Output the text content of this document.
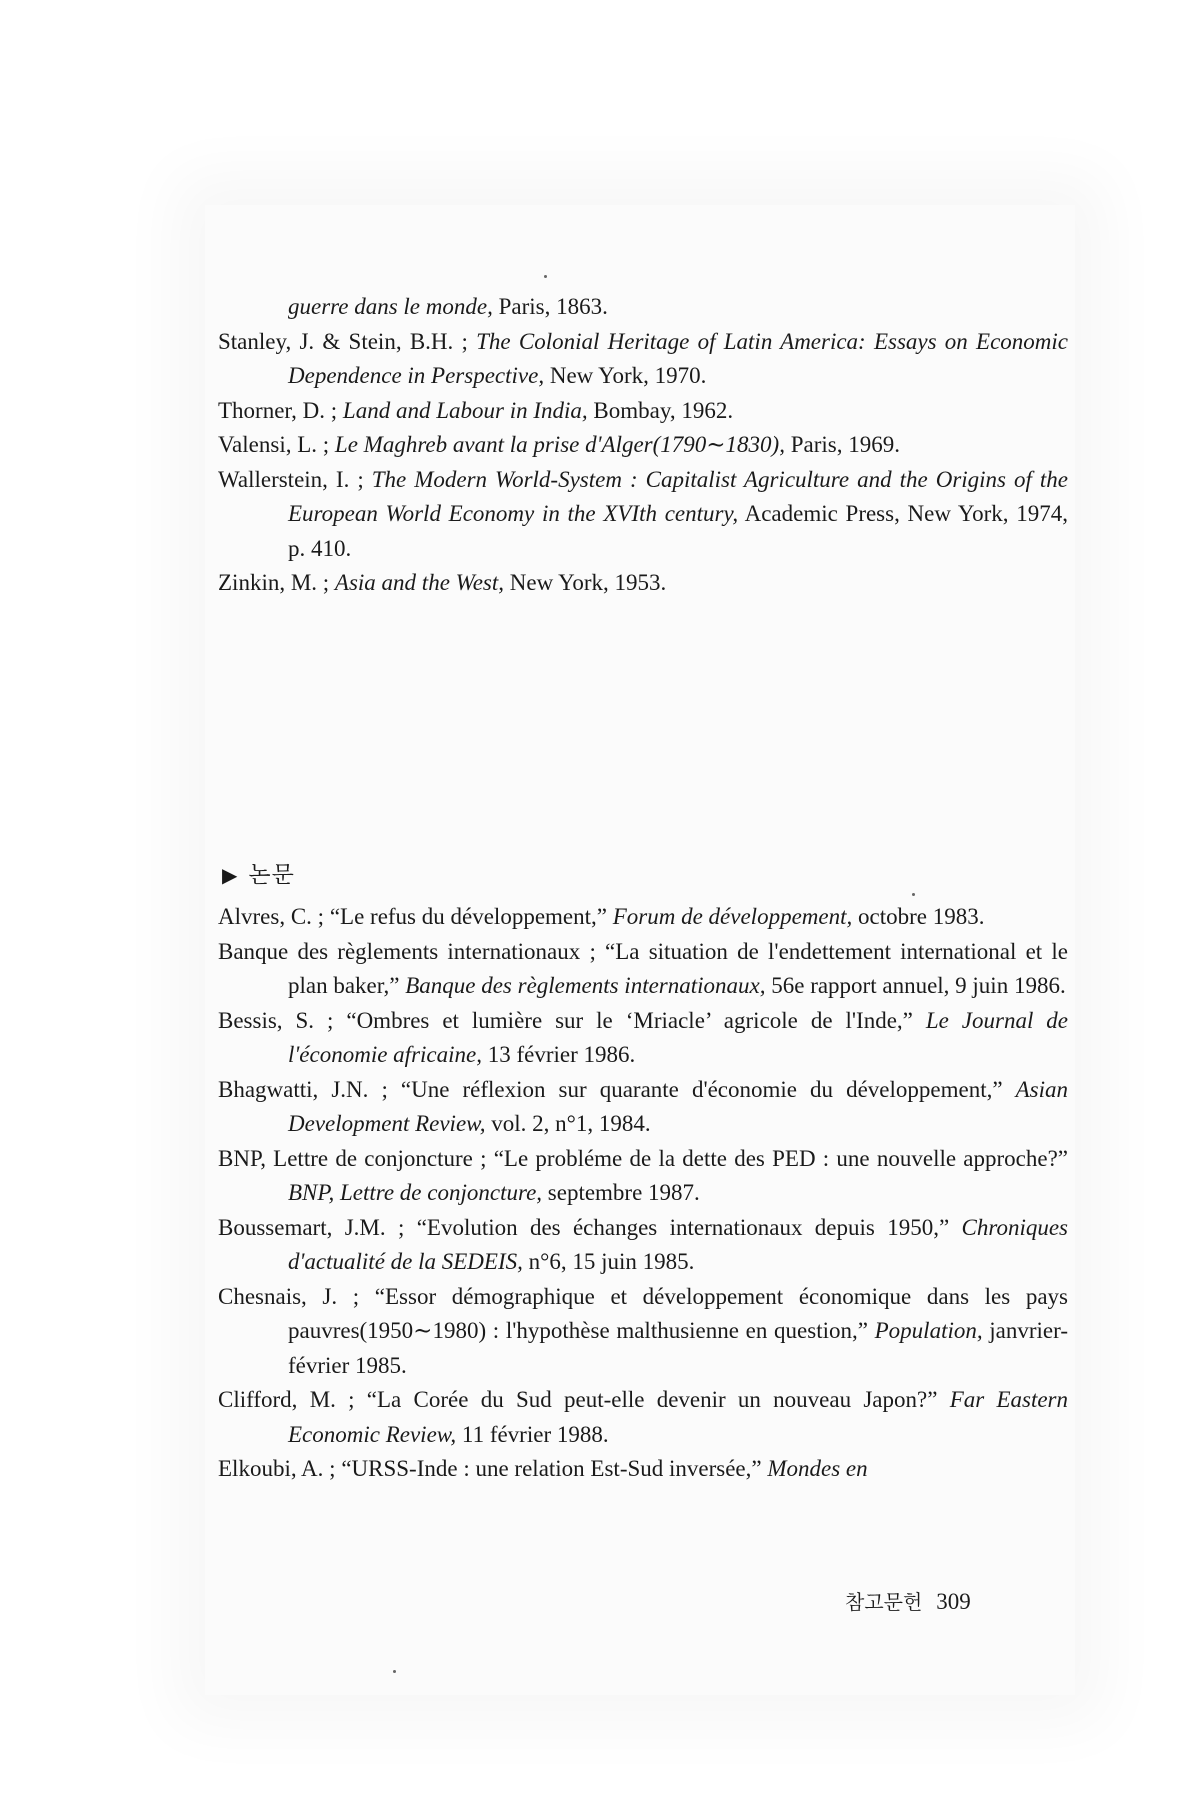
guerre dans le monde, Paris, 1863.

Stanley, J. & Stein, B.H. ; The Colonial Heritage of Latin America: Essays on Economic Dependence in Perspective, New York, 1970.

Thorner, D. ; Land and Labour in India, Bombay, 1962.

Valensi, L. ; Le Maghreb avant la prise d'Alger(1790∼1830), Paris, 1969.

Wallerstein, I. ; The Modern World-System : Capitalist Agriculture and the Origins of the European World Economy in the XVIth century, Academic Press, New York, 1974, p. 410.

Zinkin, M. ; Asia and the West, New York, 1953.

▶ 논문

Alvres, C. ; “Le refus du développement,” Forum de développement, octobre 1983.

Banque des règlements internationaux ; “La situation de l'endettement international et le plan baker,” Banque des règlements internationaux, 56e rapport annuel, 9 juin 1986.

Bessis, S. ; “Ombres et lumière sur le ‘Mriacle’ agricole de l'Inde,” Le Journal de l'économie africaine, 13 février 1986.

Bhagwatti, J.N. ; “Une réflexion sur quarante d'économie du développement,” Asian Development Review, vol. 2, n°1, 1984.

BNP, Lettre de conjoncture ; “Le probléme de la dette des PED : une nouvelle approche?” BNP, Lettre de conjoncture, septembre 1987.

Boussemart, J.M. ; “Evolution des échanges internationaux depuis 1950,” Chroniques d'actualité de la SEDEIS, n°6, 15 juin 1985.

Chesnais, J. ; “Essor démographique et développement économique dans les pays pauvres(1950∼1980) : l'hypothèse malthusienne en question,” Population, janvrier-février 1985.

Clifford, M. ; “La Corée du Sud peut-elle devenir un nouveau Japon?” Far Eastern Economic Review, 11 février 1988.

Elkoubi, A. ; “URSS-Inde : une relation Est-Sud inversée,” Mondes en

참고문헌 309
